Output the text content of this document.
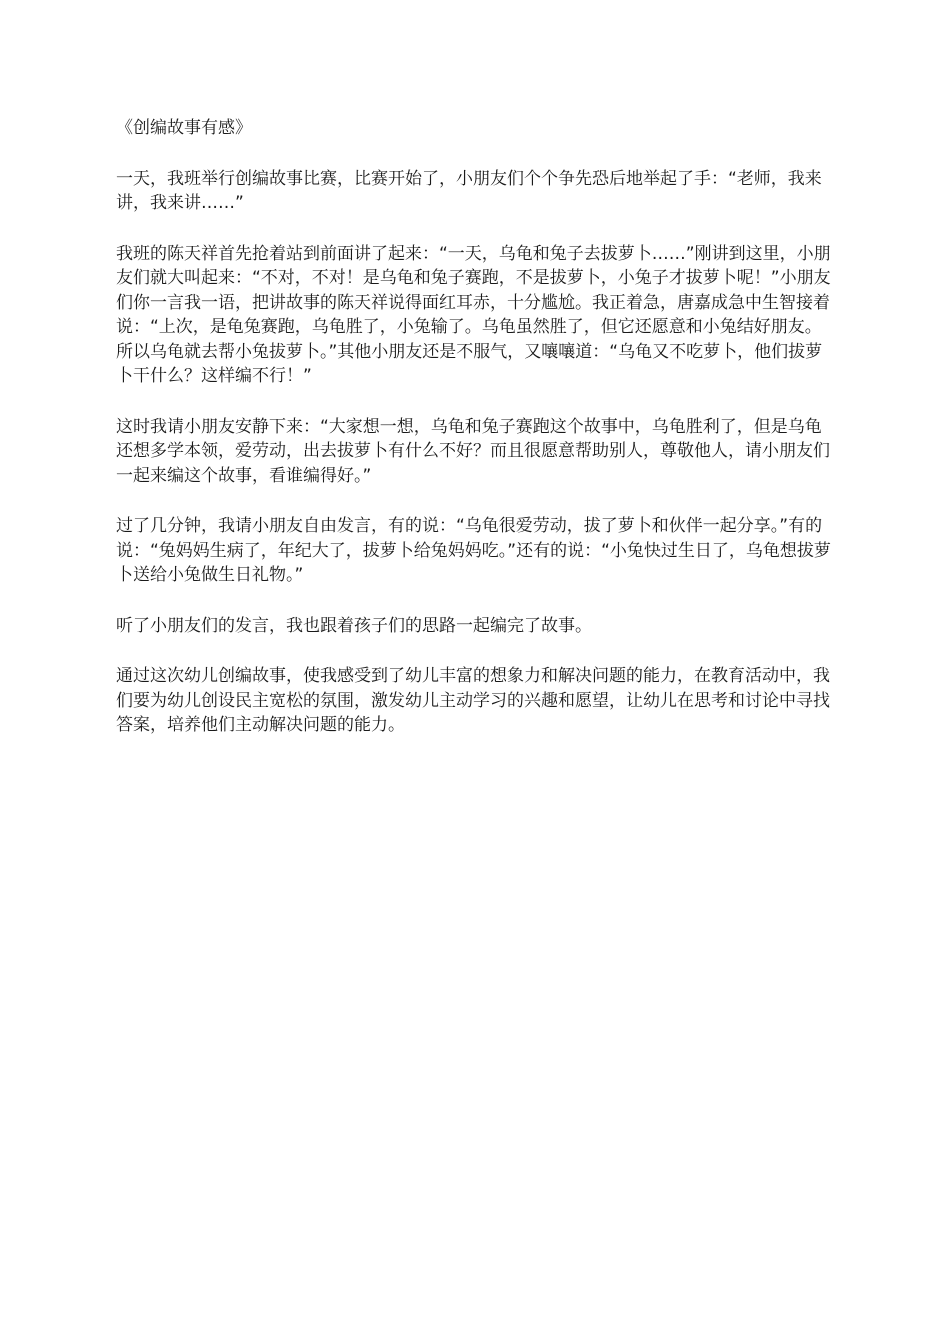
《创编故事有感》

一天，我班举行创编故事比赛，比赛开始了，小朋友们个个争先恐后地举起了手：“老师，我来讲，我来讲……”

我班的陈天祥首先抢着站到前面讲了起来：“一天，乌龟和兔子去拔萝卜……”刚讲到这里，小朋友们就大叫起来：“不对，不对！是乌龟和兔子赛跑，不是拔萝卜，小兔子才拔萝卜呢！”小朋友们你一言我一语，把讲故事的陈天祥说得面红耳赤，十分尴尬。我正着急，唐嘉成急中生智接着说：“上次，是龟兔赛跑，乌龟胜了，小兔输了。乌龟虽然胜了，但它还愿意和小兔结好朋友。所以乌龟就去帮小兔拔萝卜。”其他小朋友还是不服气，又嚷嚷道：“乌龟又不吃萝卜，他们拔萝卜干什么？这样编不行！”

这时我请小朋友安静下来：“大家想一想，乌龟和兔子赛跑这个故事中，乌龟胜利了，但是乌龟还想多学本领，爱劳动，出去拔萝卜有什么不好？而且很愿意帮助别人，尊敬他人，请小朋友们一起来编这个故事，看谁编得好。”

过了几分钟，我请小朋友自由发言，有的说：“乌龟很爱劳动，拔了萝卜和伙伴一起分享。”有的说：“兔妈妈生病了，年纪大了，拔萝卜给兔妈妈吃。”还有的说：“小兔快过生日了，乌龟想拔萝卜送给小兔做生日礼物。”

听了小朋友们的发言，我也跟着孩子们的思路一起编完了故事。

通过这次幼儿创编故事，使我感受到了幼儿丰富的想象力和解决问题的能力，在教育活动中，我们要为幼儿创设民主宽松的氛围，激发幼儿主动学习的兴趣和愿望，让幼儿在思考和讨论中寻找答案，培养他们主动解决问题的能力。
